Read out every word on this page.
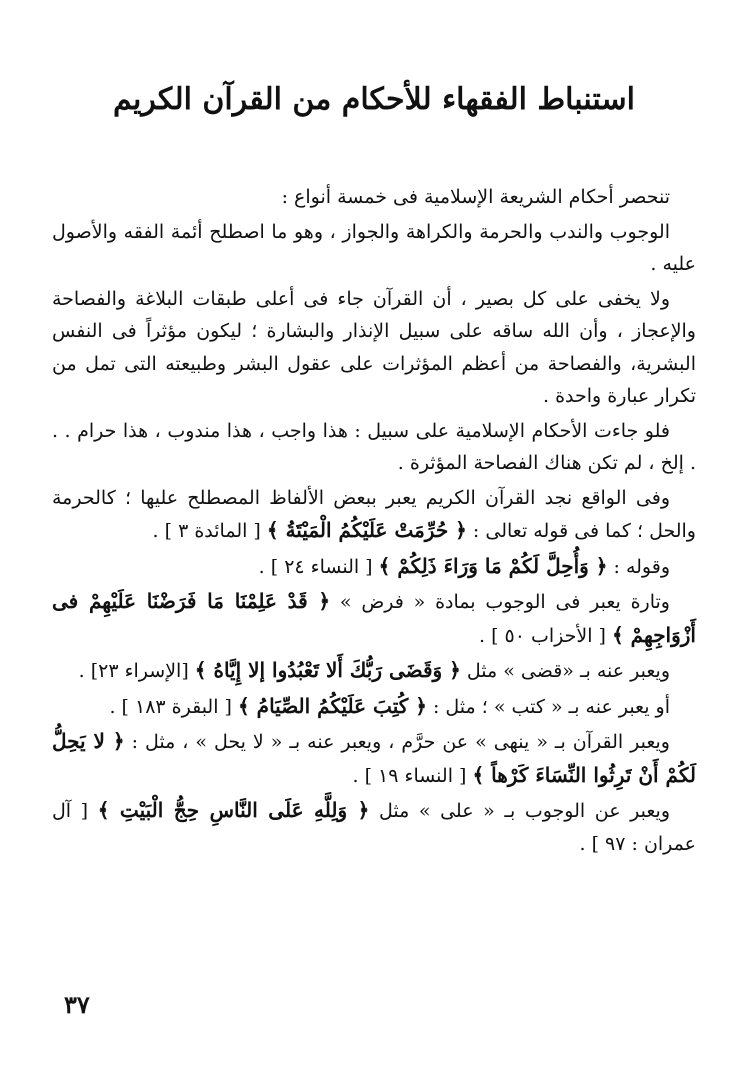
استنباط الفقهاء للأحكام من القرآن الكريم

تنحصر أحكام الشريعة الإسلامية فى خمسة أنواع :

الوجوب والندب والحرمة والكراهة والجواز ، وهو ما اصطلح أئمة الفقه والأصول عليه .

ولا يخفى على كل بصير ، أن القرآن جاء فى أعلى طبقات البلاغة والفصاحة والإعجاز ، وأن الله ساقه على سبيل الإنذار والبشارة ؛ ليكون مؤثراً فى النفس البشرية، والفصاحة من أعظم المؤثرات على عقول البشر وطبيعته التى تمل من تكرار عبارة واحدة .

فلو جاءت الأحكام الإسلامية على سبيل : هذا واجب ، هذا مندوب ، هذا حرام . . . إلخ ، لم تكن هناك الفصاحة المؤثرة .

وفى الواقع نجد القرآن الكريم يعبر ببعض الألفاظ المصطلح عليها ؛ كالحرمة والحل ؛ كما فى قوله تعالى : ﴿ حُرِّمَتْ عَلَيْكُمُ الْمَيْتَةُ ﴾ [ المائدة ٣ ] .

وقوله : ﴿ وَأُحِلَّ لَكُمْ مَا وَرَاءَ ذَلِكُمْ ﴾ [ النساء ٢٤ ] .

وتارة يعبر فى الوجوب بمادة « فرض » ﴿ قَدْ عَلِمْنَا مَا فَرَضْنَا عَلَيْهِمْ فى أَزْوَاجِهِمْ ﴾ [ الأحزاب ٥٠ ] .

ويعبر عنه بـ «قضى » مثل ﴿ وَقَضَى رَبُّكَ أَلا تَعْبُدُوا إلا إِيَّاهُ ﴾ [الإسراء ٢٣] .

أو يعبر عنه بـ « كتب » ؛ مثل : ﴿ كُتِبَ عَلَيْكُمُ الصِّيَامُ ﴾ [ البقرة ١٨٣ ] .

ويعبر القرآن بـ « ينهى » عن حرَّم ، ويعبر عنه بـ « لا يحل » ، مثل : ﴿ لا يَحِلُّ لَكُمْ أَنْ تَرِثُوا النِّسَاءَ كَرْهاً ﴾ [ النساء ١٩ ] .

ويعبر عن الوجوب بـ « على » مثل ﴿ وَلِلَّهِ عَلَى النَّاسِ حِجُّ الْبَيْتِ ﴾ [ آل عمران : ٩٧ ] .

٣٧
